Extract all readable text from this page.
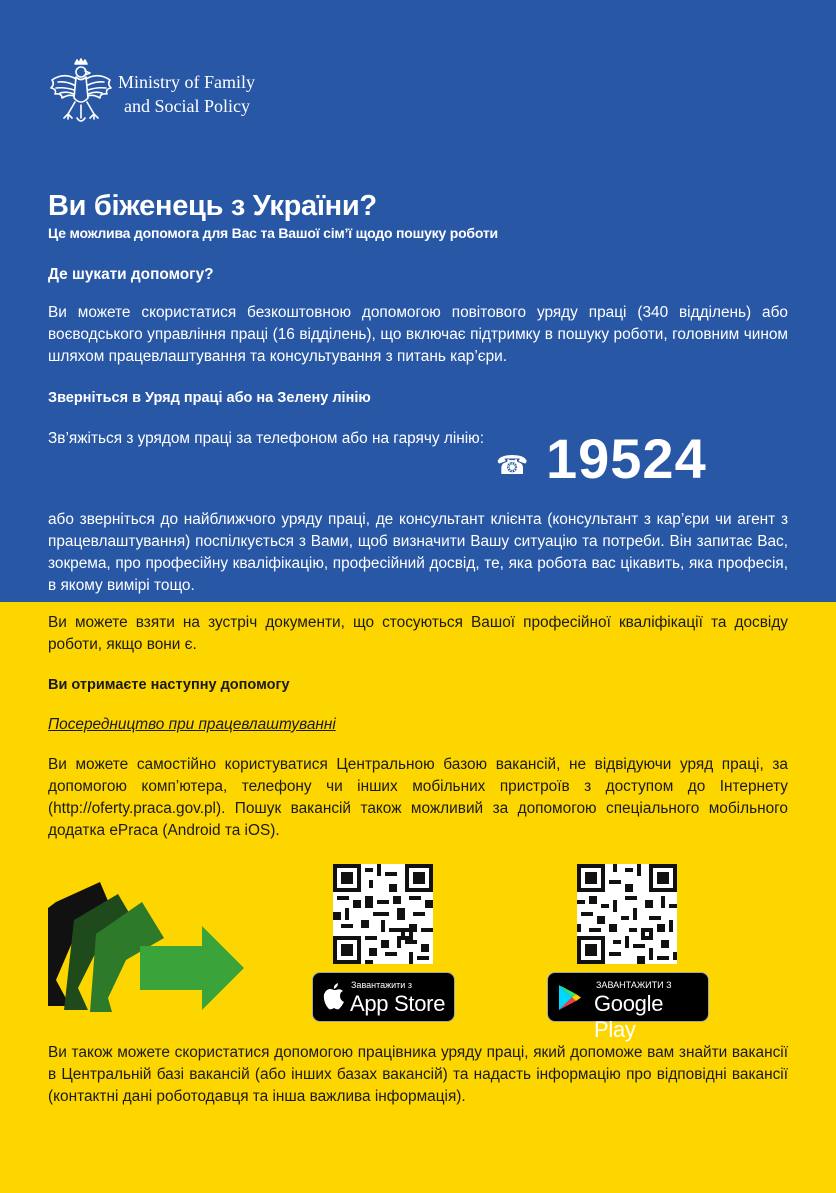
Ministry of Family
and Social Policy
Ви біженець з України?
Це можлива допомога для Вас та Вашої сім’ї щодо пошуку роботи
Де шукати допомогу?
Ви можете скористатися безкоштовною допомогою повітового уряду праці (340 відділень) або воєводського управління праці (16 відділень), що включає підтримку в пошуку роботи, головним чином шляхом працевлаштування та консультування з питань кар’єри.
Зверніться в Уряд праці або на Зелену лінію
Зв’яжіться з урядом праці за телефоном або на гарячу лінію:
☎ 19524
або зверніться до найближчого уряду праці, де консультант клієнта (консультант з кар’єри чи агент з працевлаштування) поспілкується з Вами, щоб визначити Вашу ситуацію та потреби. Він запитає Вас, зокрема, про професійну кваліфікацію, професійний досвід, те, яка робота вас цікавить, яка професія, в якому вимірі тощо.
Ви можете взяти на зустріч документи, що стосуються Вашої професійної кваліфікації та досвіду роботи, якщо вони є.
Ви отримаєте наступну допомогу
Посередництво при працевлаштуванні
Ви можете самостійно користуватися Центральною базою вакансій, не відвідуючи уряд праці, за допомогою комп’ютера, телефону чи інших мобільних пристроїв з доступом до Інтернету (http://oferty.praca.gov.pl). Пошук вакансій також можливий за допомогою спеціального мобільного додатка ePraca (Android та iOS).
Завантажити з
App Store
ЗАВАНТАЖИТИ З
Google Play
Ви також можете скористатися допомогою працівника уряду праці, який допоможе вам знайти вакансії в Центральній базі вакансій (або інших базах вакансій) та надасть інформацію про відповідні вакансії (контактні дані роботодавця та інша важлива інформація).
